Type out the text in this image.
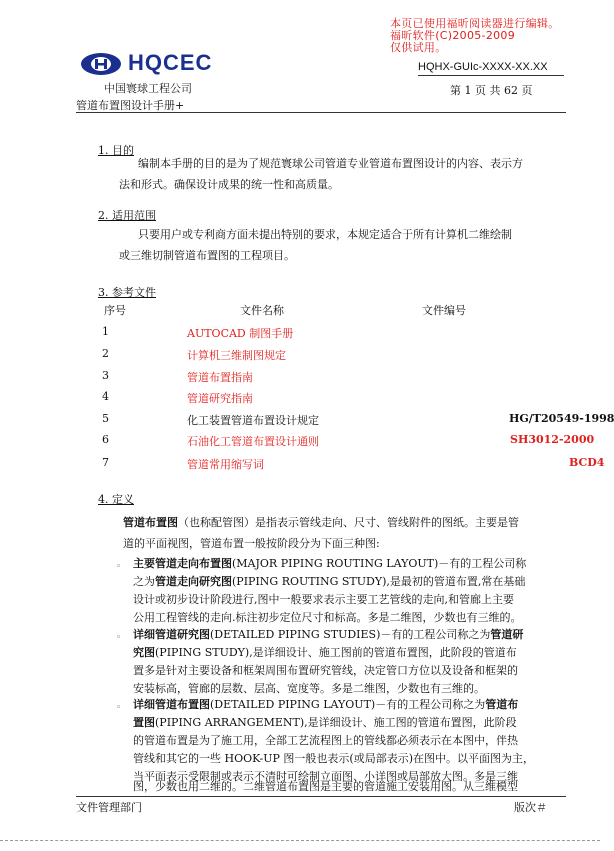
本页已使用福昕阅读器进行编辑。
福昕软件(C)2005-2009
仅供试用。
HQCEC
中国寰球工程公司
HQHX-GUIc-XXXX-XX.XX
第 1 页 共 62 页
管道布置图设计手册+
1. 目的
编制本手册的目的是为了规范寰球公司管道专业管道布置图设计的内容、表示方
法和形式。确保设计成果的统一性和高质量。
2. 适用范围
只要用户或专利商方面未提出特别的要求，本规定适合于所有计算机二维绘制
或三维切制管道布置图的工程项目。
3. 参考文件
序号	文件名称	文件编号
1	AUTOCAD 制图手册
2	计算机三维制图规定
3	管道布置指南
4	管道研究指南
5	化工装置管道布置设计规定	HG/T20549-1998
6	石油化工管道布置设计通则	SH3012-2000
7	管道常用缩写词	BCD4
4. 定义
管道布置图（也称配管图）是指表示管线走向、尺寸、管线附件的图纸。主要是管
道的平面视图，管道布置一般按阶段分为下面三种图:
◦ 主要管道走向布置图(MAJOR PIPING ROUTING LAYOUT)－有的工程公司称
之为管道走向研究图(PIPING ROUTING STUDY),是最初的管道布置,常在基础
设计或初步设计阶段进行,图中一般要求表示主要工艺管线的走向,和管廊上主要
公用工程管线的走向.标注初步定位尺寸和标高。多是二维图，少数也有三维的。
◦ 详细管道研究图(DETAILED PIPING STUDIES)－有的工程公司称之为管道研
究图(PIPING STUDY),是详细设计、施工图前的管道布置图，此阶段的管道布
置多是针对主要设备和框架周围布置研究管线，决定管口方位以及设备和框架的
安装标高，管廊的层数、层高、宽度等。多是二维图，少数也有三维的。
◦ 详细管道布置图(DETAILED PIPING LAYOUT)－有的工程公司称之为管道布
置图(PIPING ARRANGEMENT),是详细设计、施工图的管道布置图，此阶段
的管道布置是为了施工用，全部工艺流程图上的管线都必须表示在本图中，伴热
管线和其它的一些 HOOK-UP 图一般也表示(或局部表示)在图中。以平面图为主，
当平面表示受限制或表示不清时可绘制立面图、小详图或局部放大图。多是三维
图，少数也用二维的。二维管道布置图是主要的管道施工安装用图。从三维模型
文件管理部门	版次＃
